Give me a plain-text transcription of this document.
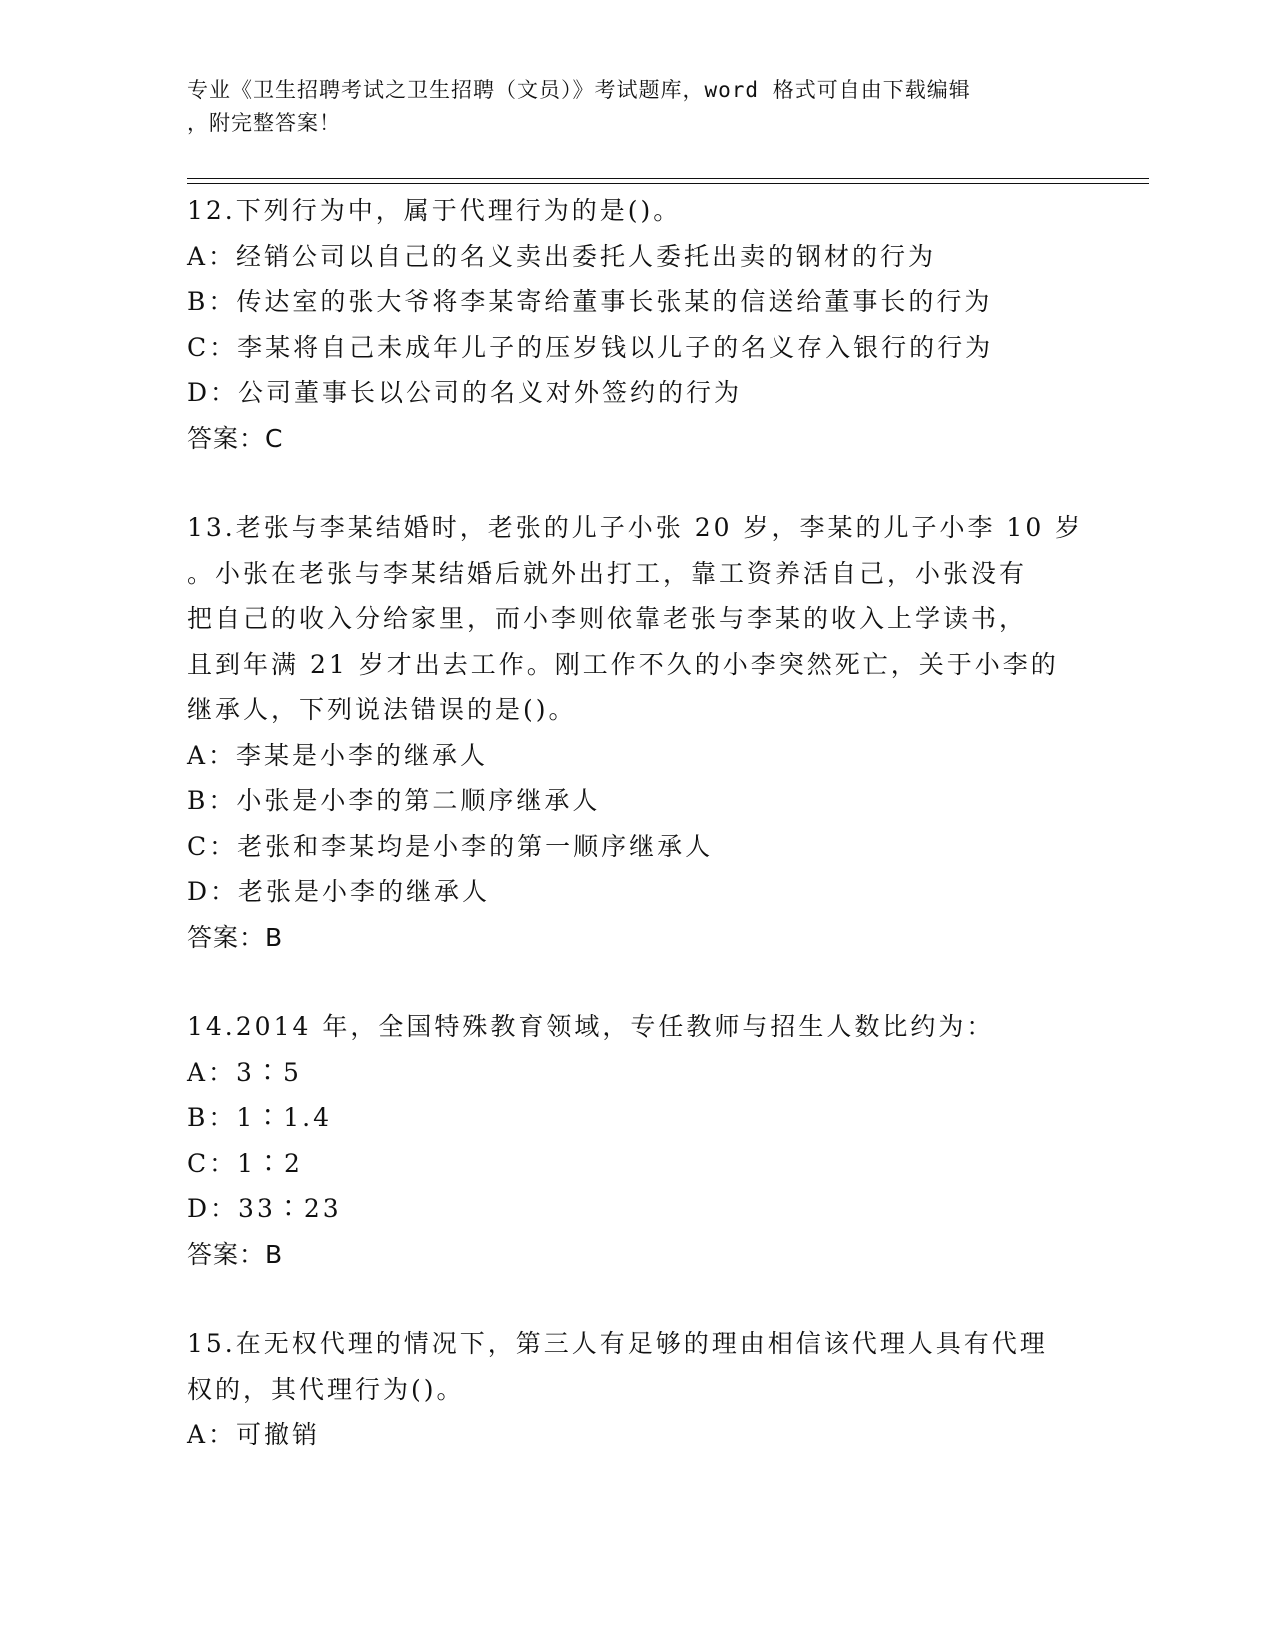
专业《卫生招聘考试之卫生招聘（文员）》考试题库，word 格式可自由下载编辑
，附完整答案！
12.下列行为中，属于代理行为的是()。
A：经销公司以自己的名义卖出委托人委托出卖的钢材的行为
B：传达室的张大爷将李某寄给董事长张某的信送给董事长的行为
C：李某将自己未成年儿子的压岁钱以儿子的名义存入银行的行为
D：公司董事长以公司的名义对外签约的行为
答案：C
13.老张与李某结婚时，老张的儿子小张 20 岁，李某的儿子小李 10 岁
。小张在老张与李某结婚后就外出打工，靠工资养活自己，小张没有
把自己的收入分给家里，而小李则依靠老张与李某的收入上学读书，
且到年满 21 岁才出去工作。刚工作不久的小李突然死亡，关于小李的
继承人，下列说法错误的是()。
A：李某是小李的继承人
B：小张是小李的第二顺序继承人
C：老张和李某均是小李的第一顺序继承人
D：老张是小李的继承人
答案：B
14.2014 年，全国特殊教育领域，专任教师与招生人数比约为：
A：3∶5
B：1∶1.4
C：1∶2
D：33∶23
答案：B
15.在无权代理的情况下，第三人有足够的理由相信该代理人具有代理
权的，其代理行为()。
A：可撤销
